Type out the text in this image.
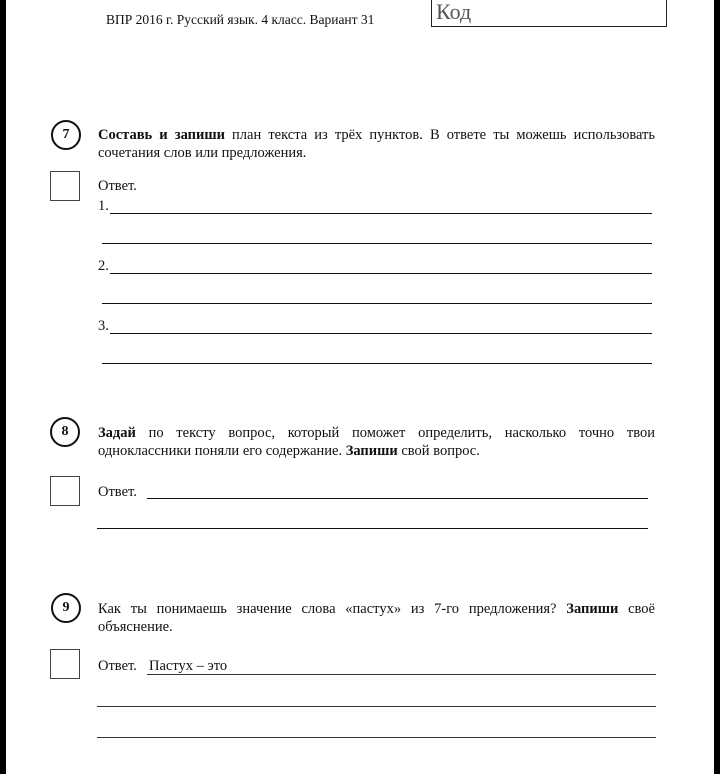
ВПР 2016 г. Русский язык. 4 класс. Вариант 31	Код
7	Составь и запиши план текста из трёх пунктов. В ответе ты можешь использовать сочетания слов или предложения.
Ответ.
1.
2.
3.
8	Задай по тексту вопрос, который поможет определить, насколько точно твои одноклассники поняли его содержание. Запиши свой вопрос.
Ответ.
9	Как ты понимаешь значение слова «пастух» из 7-го предложения? Запиши своё объяснение.
Ответ. Пастух – это
